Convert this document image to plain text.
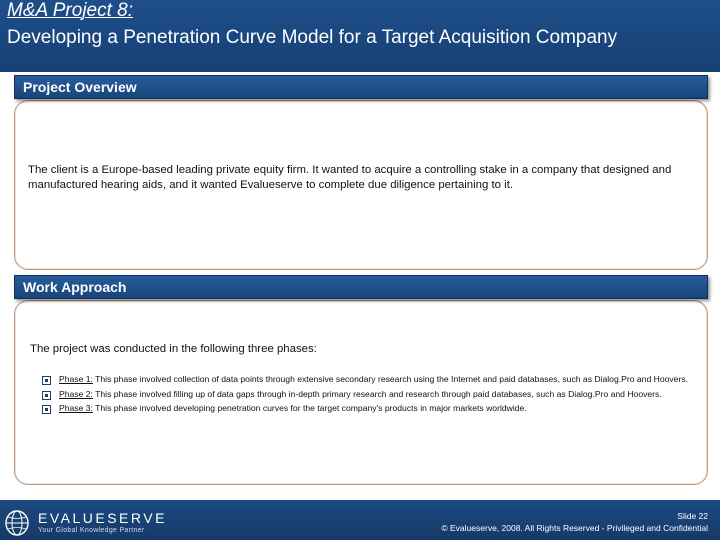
M&A Project 8:
Developing a Penetration Curve Model for a Target Acquisition Company
Project Overview
The client is a Europe-based leading private equity firm. It wanted to acquire a controlling stake in a company that designed and manufactured hearing aids, and it wanted Evalueserve to complete due diligence pertaining to it.
Work Approach
The project was conducted in the following three phases:
Phase 1: This phase involved collection of data points through extensive secondary research using the Internet and paid databases, such as Dialog.Pro and Hoovers.
Phase 2: This phase involved filling up of data gaps through in-depth primary research and research through paid databases, such as Dialog.Pro and Hoovers.
Phase 3: This phase involved developing penetration curves for the target company's products in major markets worldwide.
EVALUESERVE
Your Global Knowledge Partner
Slide 22
© Evalueserve, 2008. All Rights Reserved - Privileged and Confidential
